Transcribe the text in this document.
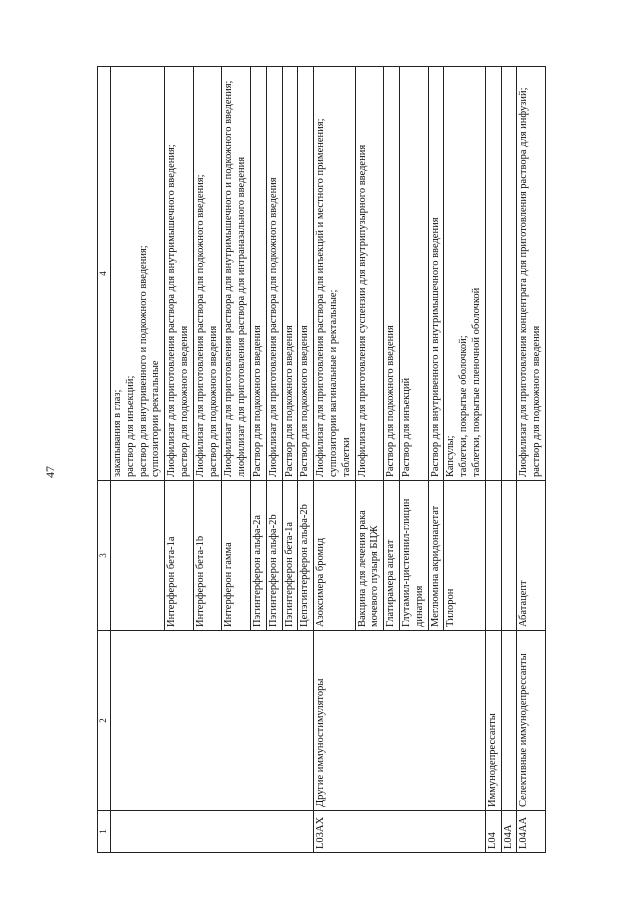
47
1	2	3	4

			закапывания в глаз; раствор для инъекций; раствор для внутривенного и подкожного введения; суппозитории ректальные

		Интерферон бета-1a	Лиофилизат для приготовления раствора для внутримышечного введения; раствор для подкожного введения

		Интерферон бета-1b	Лиофилизат для приготовления раствора для подкожного введения; раствор для подкожного введения

		Интерферон гамма	Лиофилизат для приготовления раствора для внутримышечного и подкожного введения; лиофилизат для приготовления раствора для интраназального введения

		Пэгинтерферон альфа-2a	Раствор для подкожного введения
		Пэгинтерферон альфа-2b	Лиофилизат для приготовления раствора для подкожного введения
		Пэгинтерферон бета-1a	Раствор для подкожного введения
		Цепэгинтерферон альфа-2b	Раствор для подкожного введения
L03AX	Другие иммуностимуляторы	Азоксимера бромид	Лиофилизат для приготовления раствора для инъекций и местного применения; суппозитории вагинальные и ректальные; таблетки

		Вакцина для лечения рака мочевого пузыря БЦЖ	Лиофилизат для приготовления суспензии для внутрипузырного введения
		Глатирамера ацетат	Раствор для подкожного введения
		Глутамил-цистеинил-глицин динатрия	Раствор для инъекций
		Меглюмина акридонацетат	Раствор для внутривенного и внутримышечного введения
		Тилорон	Капсулы; таблетки, покрытые оболочкой; таблетки, покрытые пленочной оболочкой

L04	Иммунодепрессанты		
L04A			
L04AA	Селективные иммунодепрессанты	Абатацепт	Лиофилизат для приготовления концентрата для приготовления раствора для инфузий; раствор для подкожного введения
